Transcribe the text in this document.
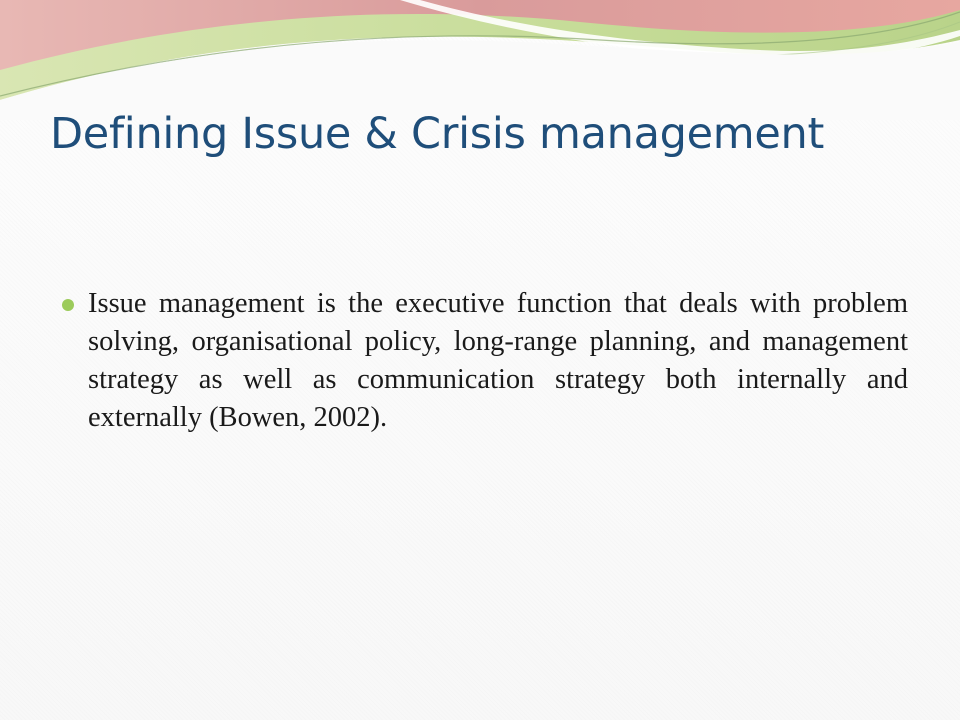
Defining Issue & Crisis management
Issue management is the executive function that deals with problem solving, organisational policy, long-range planning, and management strategy as well as communication strategy both internally and externally (Bowen, 2002).
